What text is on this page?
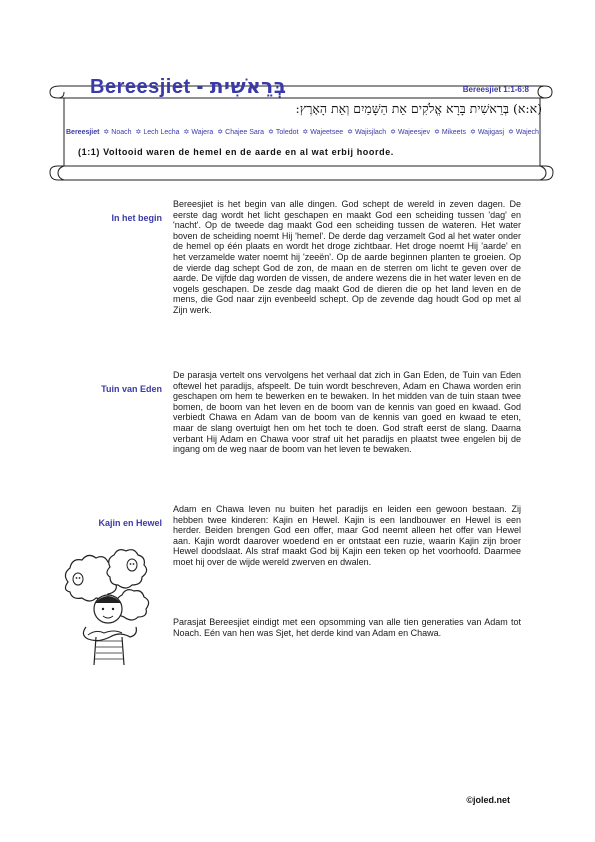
Bereesjiet - בְּרֵאשִׁית	Bereesjiet 1:1-6:8
(א:א) בְּרֵאשִׁית בָּרָא אֱלֹקִים אֵת הַשָּׁמַיִם וְאֵת הָאָרֶץ:
Bereesjiet ✡ Noach ✡ Lech Lecha ✡ Wajera ✡ Chajee Sara ✡ Toledot ✡ Wajeetsee ✡ Wajisjlach ✡ Wajeesjev ✡ Mikeets ✡ Wajigasj ✡ Wajechi
(1:1) Voltooid waren de hemel en de aarde en al wat erbij hoorde.
In het begin
Bereesjiet is het begin van alle dingen. God schept de wereld in zeven dagen. De eerste dag wordt het licht geschapen en maakt God een scheiding tussen 'dag' en 'nacht'. Op de tweede dag maakt God een scheiding tussen de wateren. Het water boven de scheiding noemt Hij 'hemel'. De derde dag verzamelt God al het water onder de hemel op één plaats en wordt het droge zichtbaar. Het droge noemt Hij 'aarde' en het verzamelde water noemt hij 'zeeën'. Op de aarde beginnen planten te groeien. Op de vierde dag schept God de zon, de maan en de sterren om licht te geven over de aarde. De vijfde dag worden de vissen, de andere wezens die in het water leven en de vogels geschapen. De zesde dag maakt God de dieren die op het land leven en de mens, die God naar zijn evenbeeld schept. Op de zevende dag houdt God op met al Zijn werk.
Tuin van Eden
De parasja vertelt ons vervolgens het verhaal dat zich in Gan Eden, de Tuin van Eden oftewel het paradijs, afspeelt. De tuin wordt beschreven, Adam en Chawa worden erin geschapen om hem te bewerken en te bewaken. In het midden van de tuin staan twee bomen, de boom van het leven en de boom van de kennis van goed en kwaad. God verbiedt Chawa en Adam van de boom van de kennis van goed en kwaad te eten, maar de slang overtuigt hen om het toch te doen. God straft eerst de slang. Daarna verbant Hij Adam en Chawa voor straf uit het paradijs en plaatst twee engelen bij de ingang om de weg naar de boom van het leven te bewaken.
Kajin en Hewel
Adam en Chawa leven nu buiten het paradijs en leiden een gewoon bestaan. Zij hebben twee kinderen: Kajin en Hewel. Kajin is een landbouwer en Hewel is een herder. Beiden brengen God een offer, maar God neemt alleen het offer van Hewel aan. Kajin wordt daarover woedend en er ontstaat een ruzie, waarin Kajin zijn broer Hewel doodslaat. Als straf maakt God bij Kajin een teken op het voorhoofd. Daarmee moet hij over de wijde wereld zwerven en dwalen.
Parasjat Bereesjiet eindigt met een opsomming van alle tien generaties van Adam tot Noach. Eén van hen was Sjet, het derde kind van Adam en Chawa.
©joled.net
